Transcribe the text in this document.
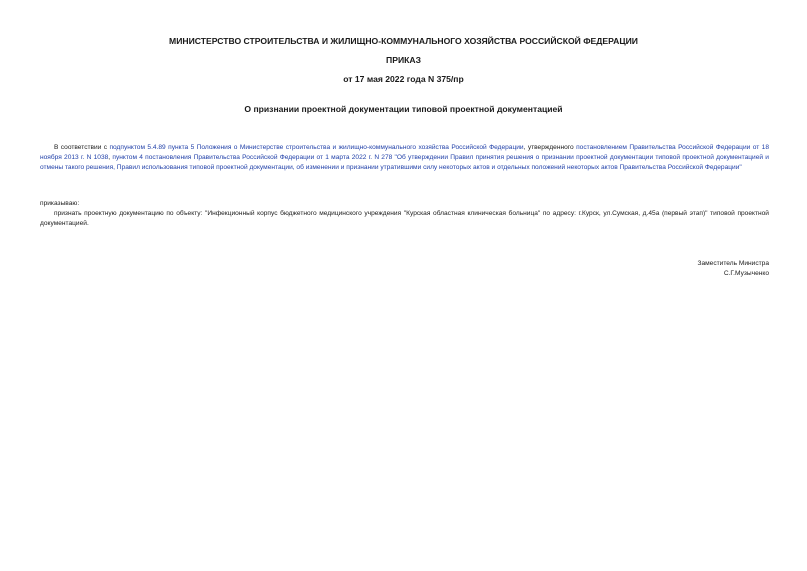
МИНИСТЕРСТВО СТРОИТЕЛЬСТВА И ЖИЛИЩНО-КОММУНАЛЬНОГО ХОЗЯЙСТВА РОССИЙСКОЙ ФЕДЕРАЦИИ
ПРИКАЗ
от 17 мая 2022 года N 375/пр
О признании проектной документации типовой проектной документацией

В соответствии с подпунктом 5.4.89 пункта 5 Положения о Министерстве строительства и жилищно-коммунального хозяйства Российской Федерации, утвержденного постановлением Правительства Российской Федерации от 18 ноября 2013 г. N 1038, пунктом 4 постановления Правительства Российской Федерации от 1 марта 2022 г. N 278 "Об утверждении Правил принятия решения о признании проектной документации типовой проектной документацией и отмены такого решения, Правил использования типовой проектной документации, об изменении и признании утратившими силу некоторых актов и отдельных положений некоторых актов Правительства Российской Федерации"

приказываю:

признать проектную документацию по объекту: "Инфекционный корпус бюджетного медицинского учреждения "Курская областная клиническая больница" по адресу: г.Курск, ул.Сумская, д.45а (первый этап)" типовой проектной документацией.

Заместитель Министра
С.Г.Музыченко
